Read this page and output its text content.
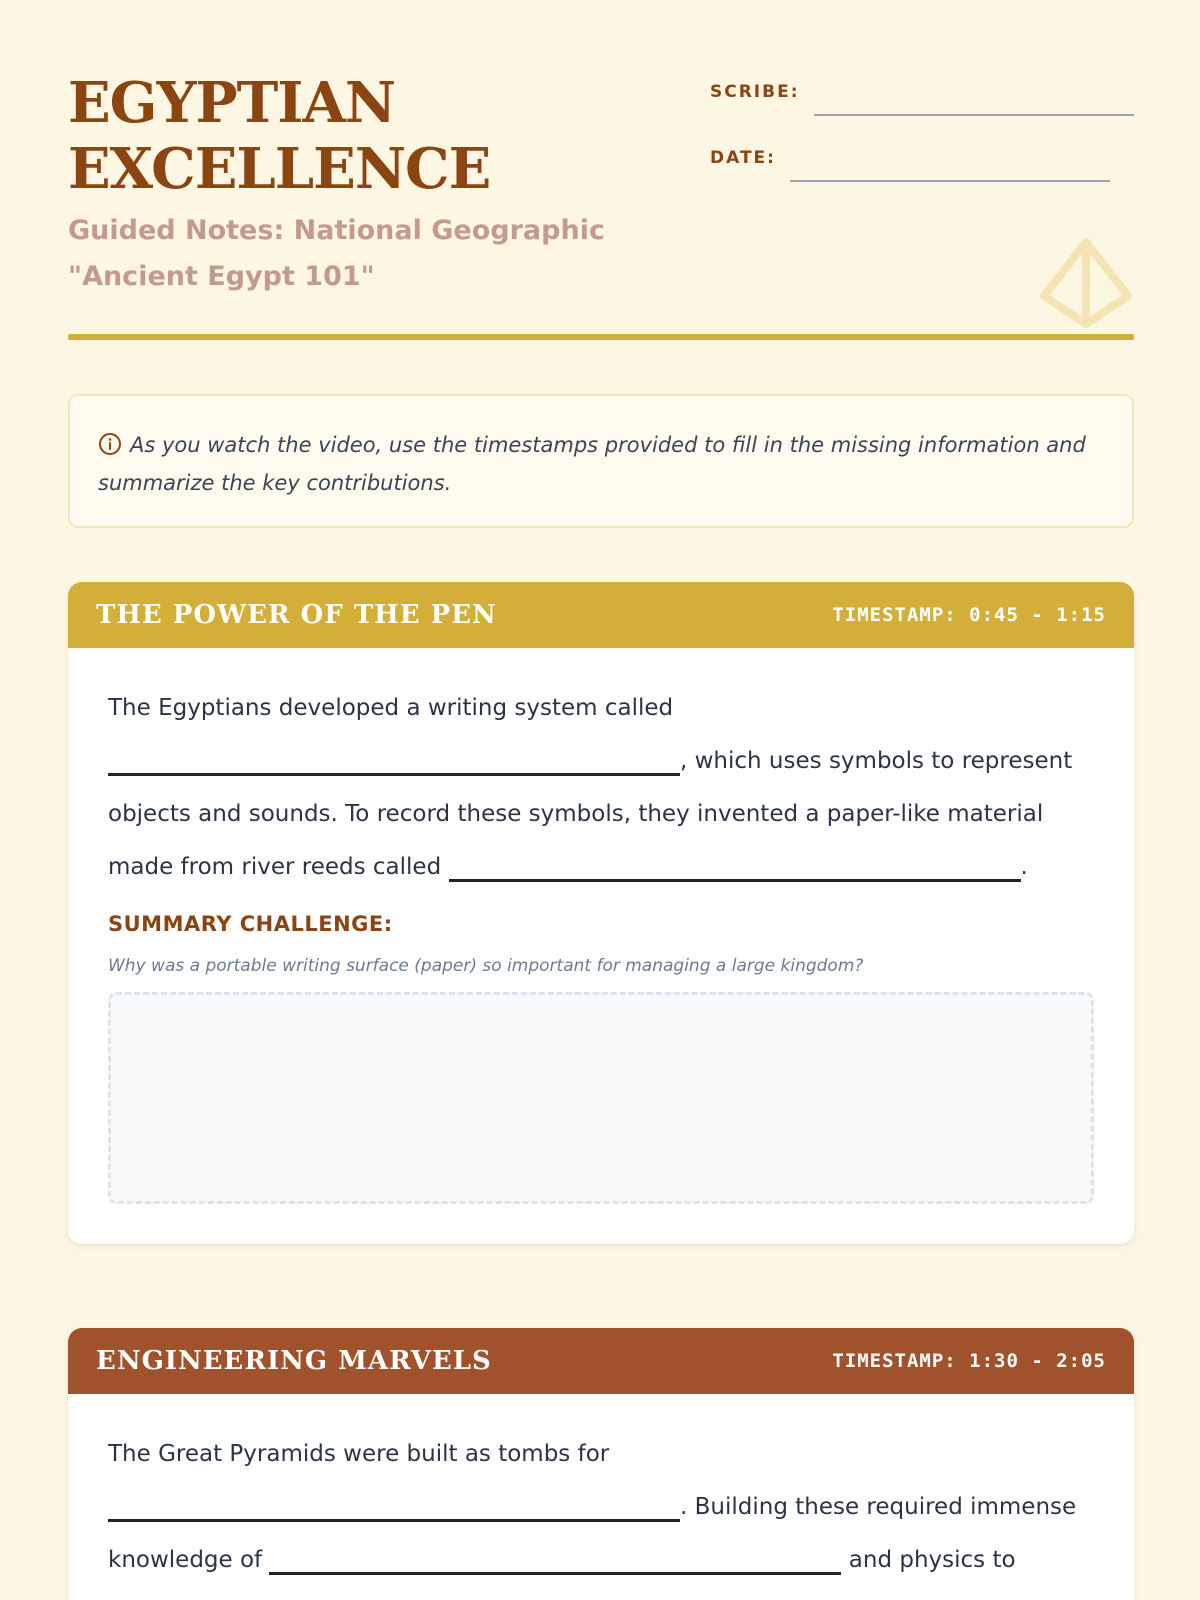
EGYPTIAN
EXCELLENCE
Guided Notes: National Geographic "Ancient Egypt 101"
SCRIBE:
DATE:

As you watch the video, use the timestamps provided to fill in the missing information and summarize the key contributions.

THE POWER OF THE PEN	TIMESTAMP: 0:45 - 1:15
The Egyptians developed a writing system called , which uses symbols to represent objects and sounds. To record these symbols, they invented a paper-like material made from river reeds called	.
SUMMARY CHALLENGE:
Why was a portable writing surface (paper) so important for managing a large kingdom?
ENGINEERING MARVELS	TIMESTAMP: 1:30 - 2:05
The Great Pyramids were built as tombs for . Building these required immense knowledge of	and physics to
